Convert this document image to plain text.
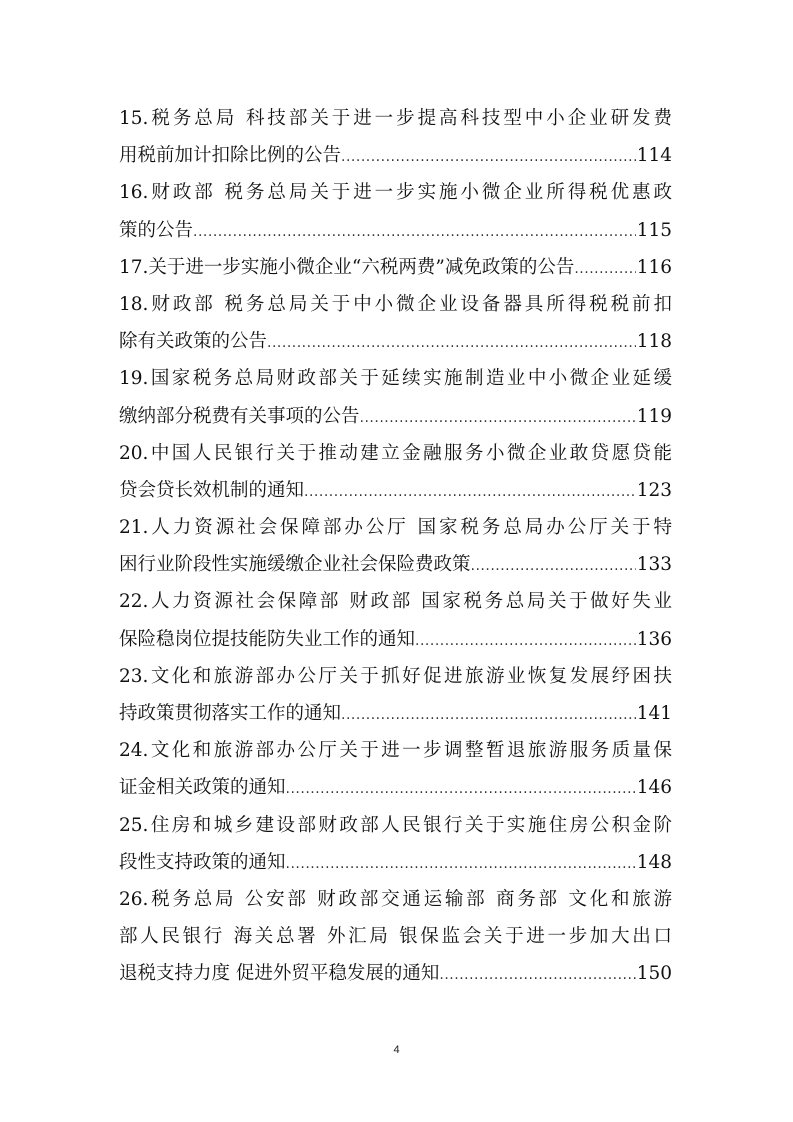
15.税务总局 科技部关于进一步提高科技型中小企业研发费
用税前加计扣除比例的公告 .....	114
16.财政部 税务总局关于进一步实施小微企业所得税优惠政
策的公告 .....	115
17.关于进一步实施小微企业“六税两费”减免政策的公告 .....	116
18.财政部 税务总局关于中小微企业设备器具所得税税前扣
除有关政策的公告 .....	118
19.国家税务总局财政部关于延续实施制造业中小微企业延缓
缴纳部分税费有关事项的公告 .....	119
20.中国人民银行关于推动建立金融服务小微企业敢贷愿贷能
贷会贷长效机制的通知 .....	123
21.人力资源社会保障部办公厅 国家税务总局办公厅关于特
困行业阶段性实施缓缴企业社会保险费政策 .....	133
22.人力资源社会保障部 财政部 国家税务总局关于做好失业
保险稳岗位提技能防失业工作的通知 .....	136
23.文化和旅游部办公厅关于抓好促进旅游业恢复发展纾困扶
持政策贯彻落实工作的通知 .....	141
24.文化和旅游部办公厅关于进一步调整暂退旅游服务质量保
证金相关政策的通知 .....	146
25.住房和城乡建设部财政部人民银行关于实施住房公积金阶
段性支持政策的通知 .....	148
26.税务总局 公安部 财政部交通运输部 商务部 文化和旅游
部人民银行 海关总署 外汇局 银保监会关于进一步加大出口
退税支持力度 促进外贸平稳发展的通知 .....	150
4
